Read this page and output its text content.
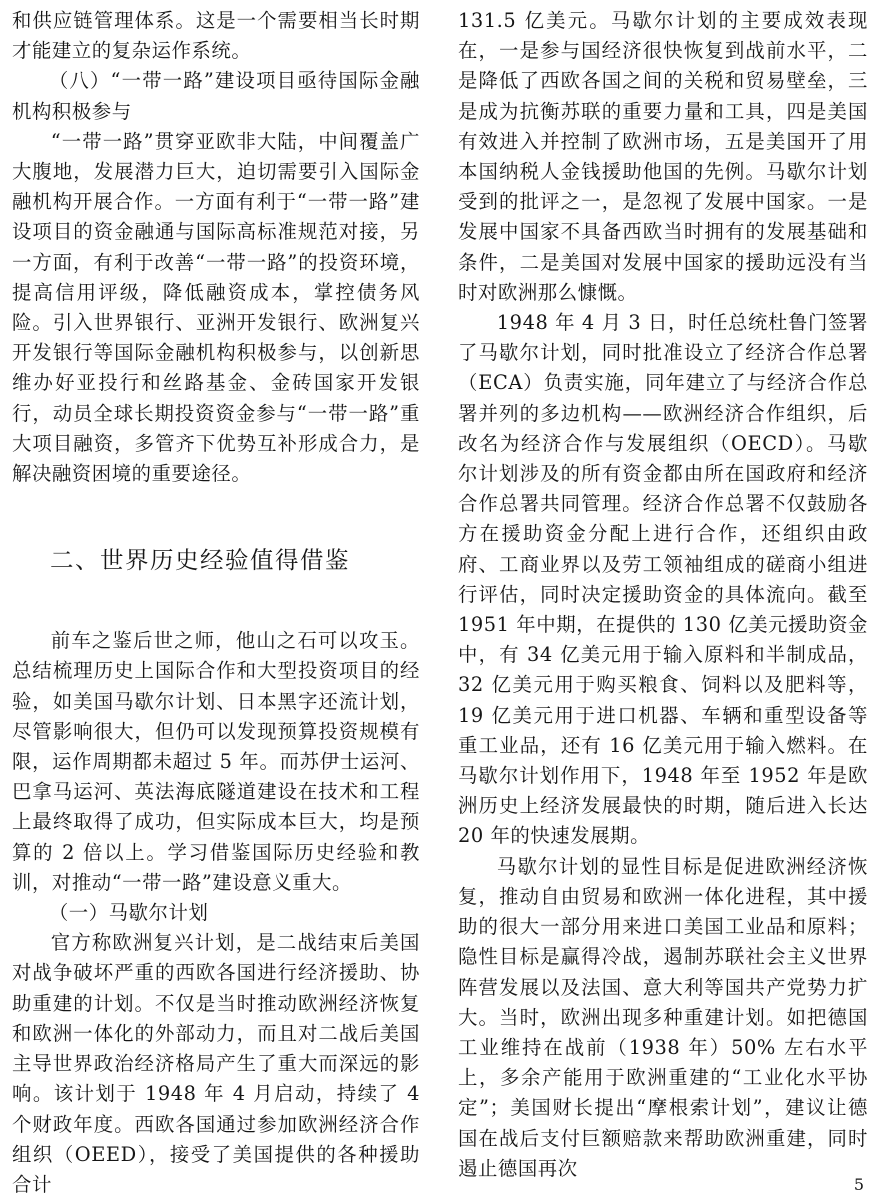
和供应链管理体系。这是一个需要相当长时期才能建立的复杂运作系统。

（八）“一带一路”建设项目亟待国际金融机构积极参与

“一带一路”贯穿亚欧非大陆，中间覆盖广大腹地，发展潜力巨大，迫切需要引入国际金融机构开展合作。一方面有利于“一带一路”建设项目的资金融通与国际高标准规范对接，另一方面，有利于改善“一带一路”的投资环境，提高信用评级，降低融资成本，掌控债务风险。引入世界银行、亚洲开发银行、欧洲复兴开发银行等国际金融机构积极参与，以创新思维办好亚投行和丝路基金、金砖国家开发银行，动员全球长期投资资金参与“一带一路”重大项目融资，多管齐下优势互补形成合力，是解决融资困境的重要途径。

二、世界历史经验值得借鉴

前车之鉴后世之师，他山之石可以攻玉。总结梳理历史上国际合作和大型投资项目的经验，如美国马歇尔计划、日本黑字还流计划，尽管影响很大，但仍可以发现预算投资规模有限，运作周期都未超过 5 年。而苏伊士运河、巴拿马运河、英法海底隧道建设在技术和工程上最终取得了成功，但实际成本巨大，均是预算的 2 倍以上。学习借鉴国际历史经验和教训，对推动“一带一路”建设意义重大。

（一）马歇尔计划

官方称欧洲复兴计划，是二战结束后美国对战争破坏严重的西欧各国进行经济援助、协助重建的计划。不仅是当时推动欧洲经济恢复和欧洲一体化的外部动力，而且对二战后美国主导世界政治经济格局产生了重大而深远的影响。该计划于 1948 年 4 月启动，持续了 4 个财政年度。西欧各国通过参加欧洲经济合作组织（OEED），接受了美国提供的各种援助合计

131.5 亿美元。马歇尔计划的主要成效表现在，一是参与国经济很快恢复到战前水平，二是降低了西欧各国之间的关税和贸易壁垒，三是成为抗衡苏联的重要力量和工具，四是美国有效进入并控制了欧洲市场，五是美国开了用本国纳税人金钱援助他国的先例。马歇尔计划受到的批评之一，是忽视了发展中国家。一是发展中国家不具备西欧当时拥有的发展基础和条件，二是美国对发展中国家的援助远没有当时对欧洲那么慷慨。

1948 年 4 月 3 日，时任总统杜鲁门签署了马歇尔计划，同时批准设立了经济合作总署（ECA）负责实施，同年建立了与经济合作总署并列的多边机构——欧洲经济合作组织，后改名为经济合作与发展组织（OECD）。马歇尔计划涉及的所有资金都由所在国政府和经济合作总署共同管理。经济合作总署不仅鼓励各方在援助资金分配上进行合作，还组织由政府、工商业界以及劳工领袖组成的磋商小组进行评估，同时决定援助资金的具体流向。截至 1951 年中期，在提供的 130 亿美元援助资金中，有 34 亿美元用于输入原料和半制成品，32 亿美元用于购买粮食、饲料以及肥料等，19 亿美元用于进口机器、车辆和重型设备等重工业品，还有 16 亿美元用于输入燃料。在马歇尔计划作用下，1948 年至 1952 年是欧洲历史上经济发展最快的时期，随后进入长达 20 年的快速发展期。

马歇尔计划的显性目标是促进欧洲经济恢复，推动自由贸易和欧洲一体化进程，其中援助的很大一部分用来进口美国工业品和原料；隐性目标是赢得冷战，遏制苏联社会主义世界阵营发展以及法国、意大利等国共产党势力扩大。当时，欧洲出现多种重建计划。如把德国工业维持在战前（1938 年）50% 左右水平上，多余产能用于欧洲重建的“工业化水平协定”；美国财长提出“摩根索计划”，建议让德国在战后支付巨额赔款来帮助欧洲重建，同时遏止德国再次

5
